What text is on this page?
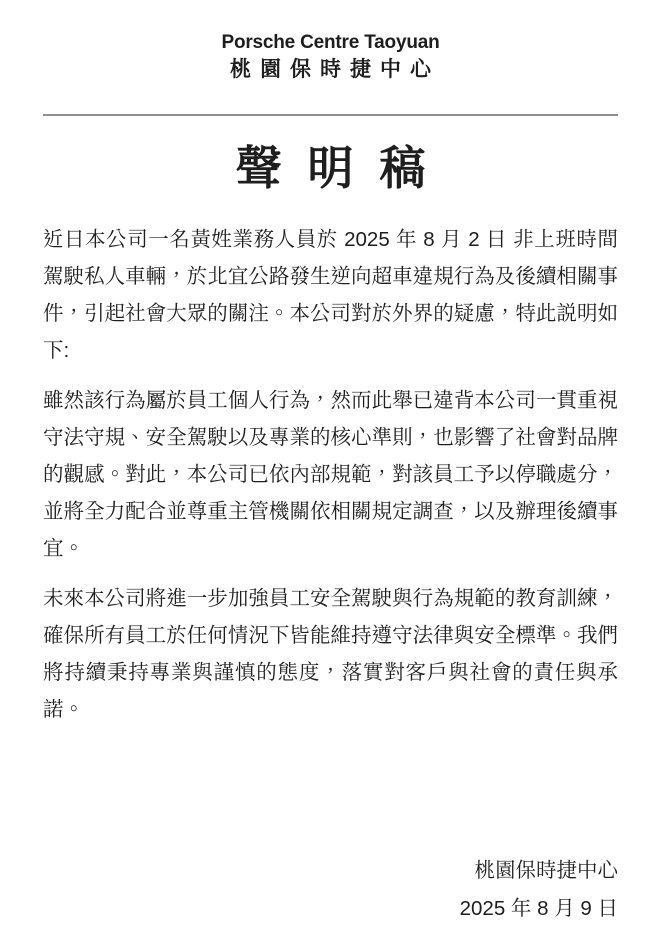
Porsche Centre Taoyuan
桃園保時捷中心
聲明稿

近日本公司一名黃姓業務人員於 2025 年 8 月 2 日 非上班時間駕駛私人車輛，於北宜公路發生逆向超車違規行為及後續相關事件，引起社會大眾的關注。本公司對於外界的疑慮，特此説明如下:

雖然該行為屬於員工個人行為，然而此舉已違背本公司一貫重視守法守規、安全駕駛以及專業的核心準則，也影響了社會對品牌的觀感。對此，本公司已依內部規範，對該員工予以停職處分，並將全力配合並尊重主管機關依相關規定調查，以及辦理後續事宜。

未來本公司將進一步加強員工安全駕駛與行為規範的教育訓練，確保所有員工於任何情況下皆能維持遵守法律與安全標準。我們將持續秉持專業與謹慎的態度，落實對客戶與社會的責任與承諾。

桃園保時捷中心
2025 年 8 月 9 日
